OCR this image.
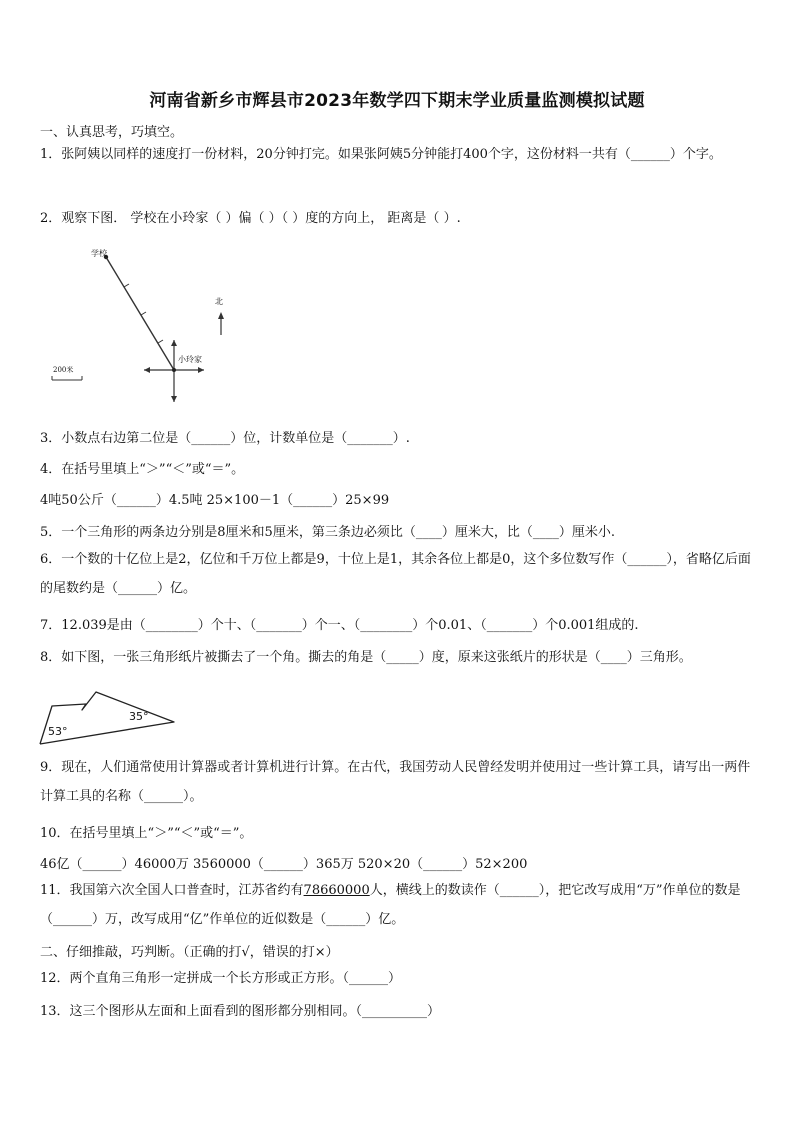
河南省新乡市辉县市2023年数学四下期末学业质量监测模拟试题
一、认真思考，巧填空。
1．张阿姨以同样的速度打一份材料，20分钟打完。如果张阿姨5分钟能打400个字，这份材料一共有（______）个字。
2．观察下图． 学校在小玲家（ ）偏（ ）（ ）度的方向上， 距离是（ ）.
学校
小玲家
北
200米
3．小数点右边第二位是（______）位，计数单位是（_______）.
4．在括号里填上“＞”“＜”或“＝”。
4吨50公斤（______）4.5吨 25×100－1（______）25×99
5．一个三角形的两条边分别是8厘米和5厘米，第三条边必须比（____）厘米大，比（____）厘米小.
6．一个数的十亿位上是2，亿位和千万位上都是9，十位上是1，其余各位上都是0，这个多位数写作（______），省略亿后面的尾数约是（______）亿。
7．12.039是由（________）个十、（_______）个一、（________）个0.01、（_______）个0.001组成的.
8．如下图，一张三角形纸片被撕去了一个角。撕去的角是（_____）度，原来这张纸片的形状是（____）三角形。
53°
35°
9．现在，人们通常使用计算器或者计算机进行计算。在古代，我国劳动人民曾经发明并使用过一些计算工具，请写出一两件计算工具的名称（______）。
10．在括号里填上“＞”“＜”或“＝”。
46亿（______）46000万 3560000（______）365万 520×20（______）52×200
11．我国第六次全国人口普查时，江苏省约有78660000人，横线上的数读作（______），把它改写成用“万”作单位的数是（______）万，改写成用“亿”作单位的近似数是（______）亿。
二、仔细推敲，巧判断。（正确的打√，错误的打×）
12．两个直角三角形一定拼成一个长方形或正方形。（______）
13．这三个图形从左面和上面看到的图形都分别相同。（__________）
